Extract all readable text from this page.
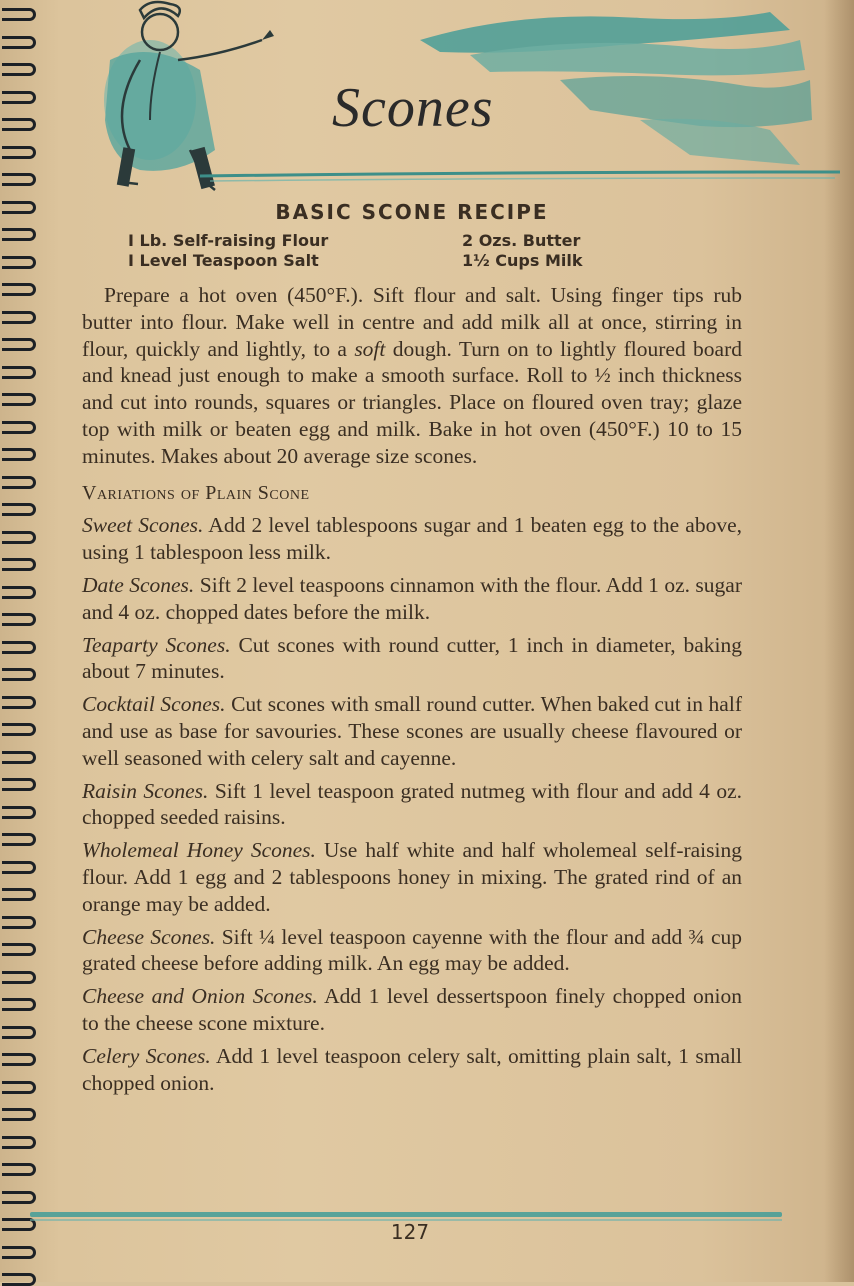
Scones
BASIC SCONE RECIPE
I Lb. Self-raising Flour
I Level Teaspoon Salt
2 Ozs. Butter
1½ Cups Milk

Prepare a hot oven (450°F.). Sift flour and salt. Using finger tips rub butter into flour. Make well in centre and add milk all at once, stirring in flour, quickly and lightly, to a soft dough. Turn on to lightly floured board and knead just enough to make a smooth surface. Roll to ½ inch thickness and cut into rounds, squares or triangles. Place on floured oven tray; glaze top with milk or beaten egg and milk. Bake in hot oven (450°F.) 10 to 15 minutes. Makes about 20 average size scones.

Variations of Plain Scone

Sweet Scones. Add 2 level tablespoons sugar and 1 beaten egg to the above, using 1 tablespoon less milk.

Date Scones. Sift 2 level teaspoons cinnamon with the flour. Add 1 oz. sugar and 4 oz. chopped dates before the milk.

Teaparty Scones. Cut scones with round cutter, 1 inch in diameter, baking about 7 minutes.

Cocktail Scones. Cut scones with small round cutter. When baked cut in half and use as base for savouries. These scones are usually cheese flavoured or well seasoned with celery salt and cayenne.

Raisin Scones. Sift 1 level teaspoon grated nutmeg with flour and add 4 oz. chopped seeded raisins.

Wholemeal Honey Scones. Use half white and half wholemeal self-raising flour. Add 1 egg and 2 tablespoons honey in mixing. The grated rind of an orange may be added.

Cheese Scones. Sift ¼ level teaspoon cayenne with the flour and add ¾ cup grated cheese before adding milk. An egg may be added.

Cheese and Onion Scones. Add 1 level dessertspoon finely chopped onion to the cheese scone mixture.

Celery Scones. Add 1 level teaspoon celery salt, omitting plain salt, 1 small chopped onion.

127
